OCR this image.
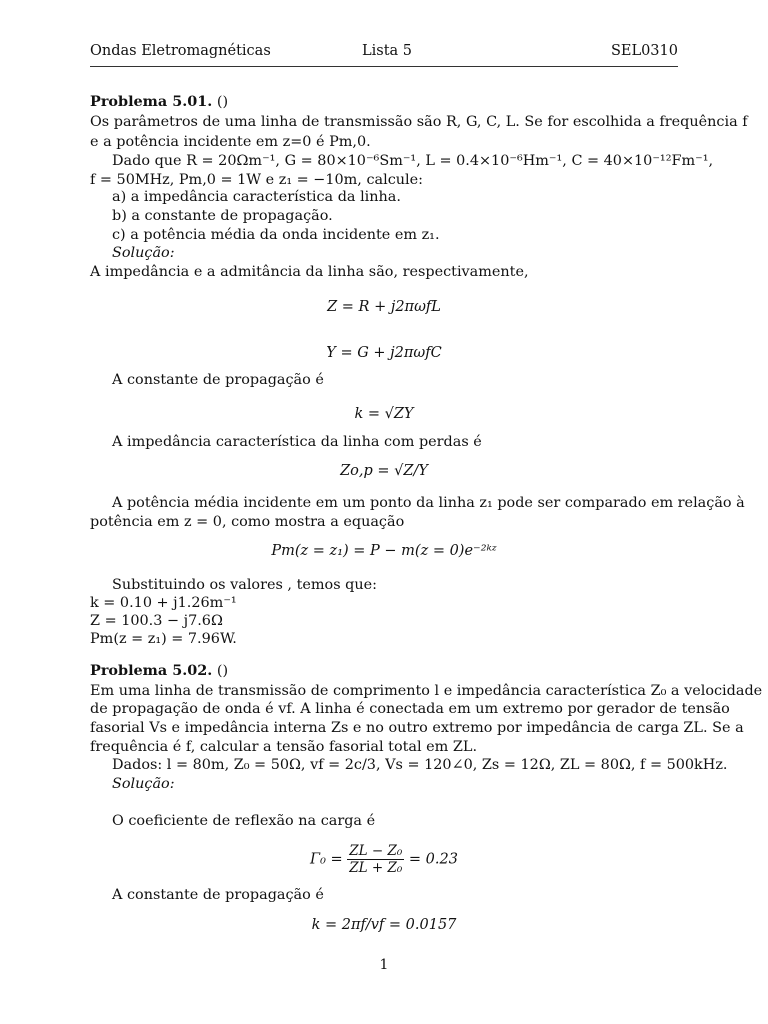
Ondas Eletromagnéticas	Lista 5	SEL0310
Problema 5.01. ()
Os parâmetros de uma linha de transmissão são R, G, C, L. Se for escolhida a frequência f
e a potência incidente em z=0 é Pm,0.
Dado que R = 20Ωm⁻¹, G = 80×10⁻⁶Sm⁻¹, L = 0.4×10⁻⁶Hm⁻¹, C = 40×10⁻¹²Fm⁻¹,
f = 50MHz, Pm,0 = 1W e z₁ = −10m, calcule:
a) a impedância característica da linha.
b) a constante de propagação.
c) a potência média da onda incidente em z₁.
Solução:
A impedância e a admitância da linha são, respectivamente,
Z = R + j2πωfL
Y = G + j2πωfC
A constante de propagação é
k = √ZY
A impedância característica da linha com perdas é
Zo,p = √Z/Y
A potência média incidente em um ponto da linha z₁ pode ser comparado em relação à
potência em z = 0, como mostra a equação
Pm(z = z₁) = P − m(z = 0)e⁻²ᵏᶻ
Substituindo os valores , temos que:
k = 0.10 + j1.26m⁻¹
Z = 100.3 − j7.6Ω
Pm(z = z₁) = 7.96W.
Problema 5.02. ()
Em uma linha de transmissão de comprimento l e impedância característica Z₀ a velocidade
de propagação de onda é vf. A linha é conectada em um extremo por gerador de tensão
fasorial Vs e impedância interna Zs e no outro extremo por impedância de carga ZL. Se a
frequência é f, calcular a tensão fasorial total em ZL.
Dados: l = 80m, Z₀ = 50Ω, vf = 2c/3, Vs = 120∠0, Zs = 12Ω, ZL = 80Ω, f = 500kHz.
Solução:
O coeficiente de reflexão na carga é
$\Gamma_0 = \frac{\text{ZL − Z₀}}{\text{ZL + Z₀}} = 0.23$
A constante de propagação é
k = 2πf/vf = 0.0157
1
